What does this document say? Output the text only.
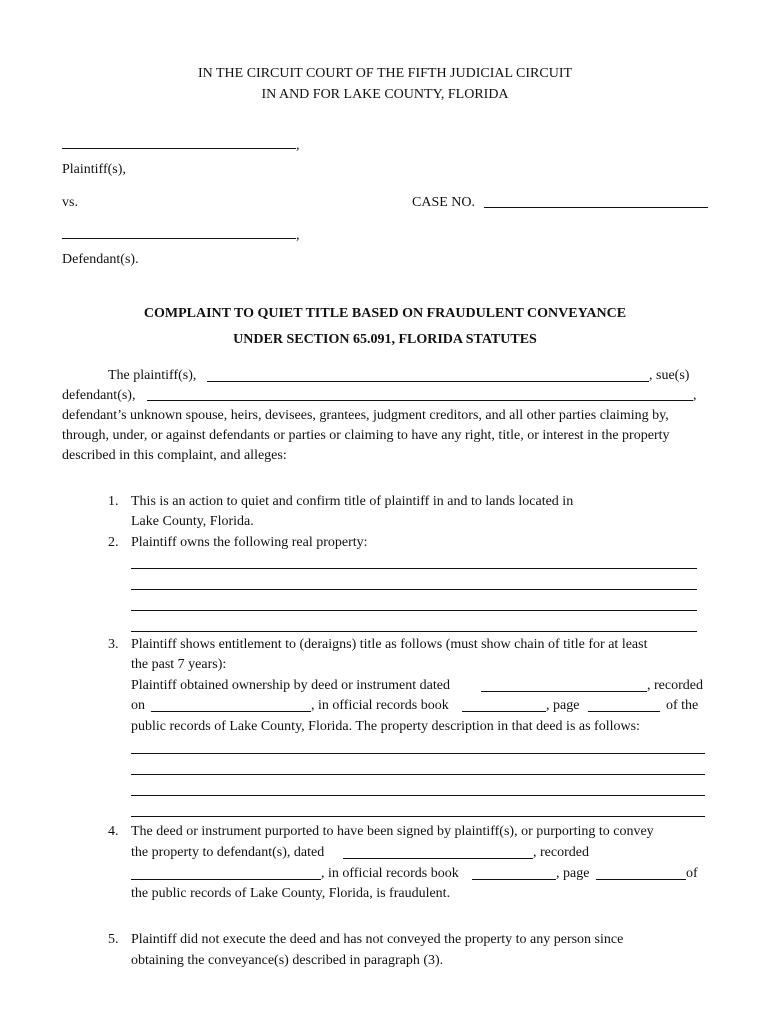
IN THE CIRCUIT COURT OF THE FIFTH JUDICIAL CIRCUIT
IN AND FOR LAKE COUNTY, FLORIDA
,
Plaintiff(s),
vs.	CASE NO.
,
Defendant(s).
COMPLAINT TO QUIET TITLE BASED ON FRAUDULENT CONVEYANCE
UNDER SECTION 65.091, FLORIDA STATUTES
The plaintiff(s),	, sue(s)
defendant(s),	,
defendant’s unknown spouse, heirs, devisees, grantees, judgment creditors, and all other parties claiming by,
through, under, or against defendants or parties or claiming to have any right, title, or interest in the property
described in this complaint, and alleges:
1. This is an action to quiet and confirm title of plaintiff in and to lands located in
Lake County, Florida.
2. Plaintiff owns the following real property:
3. Plaintiff shows entitlement to (deraigns) title as follows (must show chain of title for at least
the past 7 years):
Plaintiff obtained ownership by deed or instrument dated	, recorded
on	, in official records book	, page	of the
public records of Lake County, Florida. The property description in that deed is as follows:
4. The deed or instrument purported to have been signed by plaintiff(s), or purporting to convey
the property to defendant(s), dated	, recorded
, in official records book	, page	of
the public records of Lake County, Florida, is fraudulent.
5. Plaintiff did not execute the deed and has not conveyed the property to any person since
obtaining the conveyance(s) described in paragraph (3).
